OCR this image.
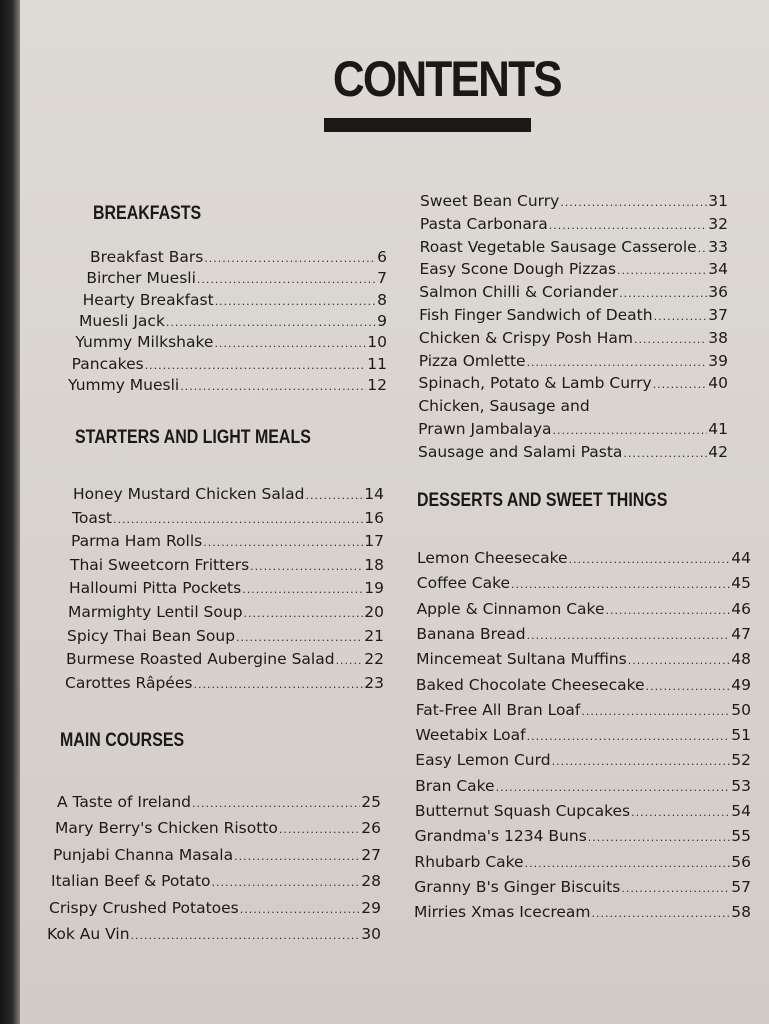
CONTENTS
BREAKFASTS
STARTERS AND LIGHT MEALS
MAIN COURSES
DESSERTS AND SWEET THINGS
Breakfast Bars .....	6
Bircher Muesli .....	7
Hearty Breakfast .....	8
Muesli Jack .....	9
Yummy Milkshake .....	10
Pancakes .....	11
Yummy Muesli .....	12
Honey Mustard Chicken Salad .....	14
Toast .....	16
Parma Ham Rolls .....	17
Thai Sweetcorn Fritters .....	18
Halloumi Pitta Pockets .....	19
Marmighty Lentil Soup .....	20
Spicy Thai Bean Soup .....	21
Burmese Roasted Aubergine Salad ..... 22
Carottes Râpées .....	23
A Taste of Ireland .....	25
Mary Berry's Chicken Risotto .....	26
Punjabi Channa Masala .....	27
Italian Beef & Potato .....	28
Crispy Crushed Potatoes .....	29
Kok Au Vin .....	30
Sweet Bean Curry .....	31
Pasta Carbonara .....	32
Roast Vegetable Sausage Casserole ..... 33
Easy Scone Dough Pizzas .....	34
Salmon Chilli & Coriander .....	36
Fish Finger Sandwich of Death .....	37
Chicken & Crispy Posh Ham .....	38
Pizza Omlette .....	39
Spinach, Potato & Lamb Curry .....	40
Chicken, Sausage and
Prawn Jambalaya .....	41
Sausage and Salami Pasta .....	42
Lemon Cheesecake .....	44
Coffee Cake .....	45
Apple & Cinnamon Cake .....	46
Banana Bread .....	47
Mincemeat Sultana Muffins .....	48
Baked Chocolate Cheesecake .....	49
Fat-Free All Bran Loaf .....	50
Weetabix Loaf .....	51
Easy Lemon Curd .....	52
Bran Cake .....	53
Butternut Squash Cupcakes .....	54
Grandma's 1234 Buns .....	55
Rhubarb Cake .....	56
Granny B's Ginger Biscuits .....	57
Mirries Xmas Icecream .....	58
